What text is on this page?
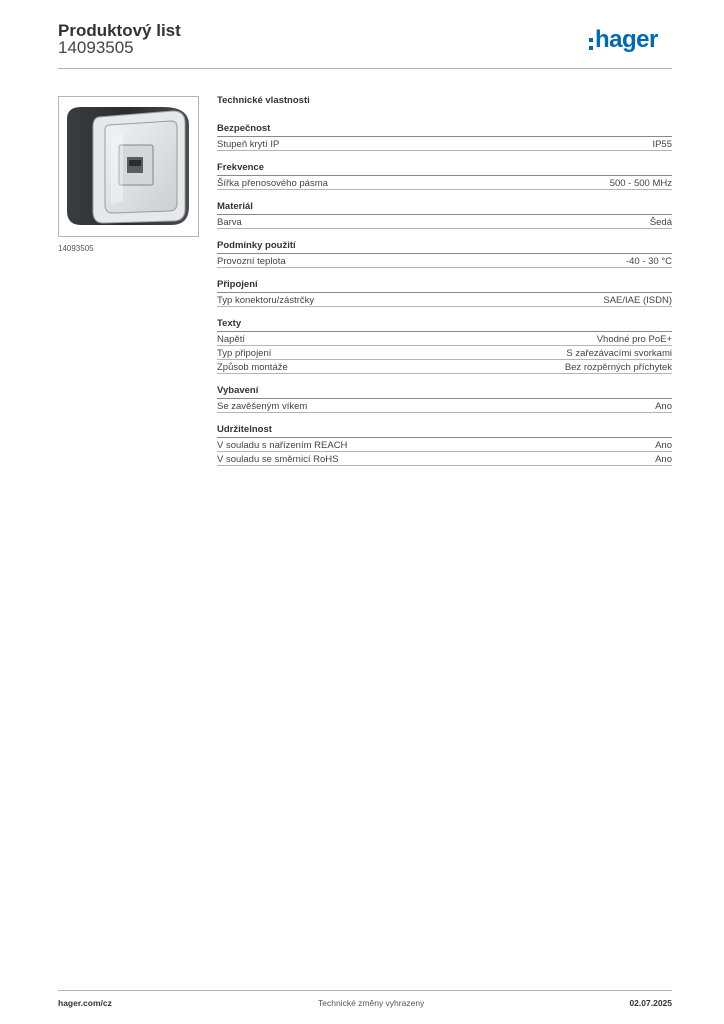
Produktový list
14093505	hager
14093505
Technické vlastnosti
Bezpečnost
Stupeň krytí IP	IP55
Frekvence
Šířka přenosového pásma	500 - 500 MHz
Materiál
Barva	Šedá
Podmínky použití
Provozní teplota	-40 - 30 °C
Připojení
Typ konektoru/zástrčky	SAE/IAE (ISDN)
Texty
Napětí	Vhodné pro PoE+
Typ připojení	S zařezávacími svorkami
Způsob montáže	Bez rozpěrných příchytek
Vybavení
Se zavěšeným víkem	Ano
Udržitelnost
V souladu s nařízením REACH	Ano
V souladu se směrnicí RoHS	Ano
hager.com/cz	Technické změny vyhrazeny	02.07.2025
